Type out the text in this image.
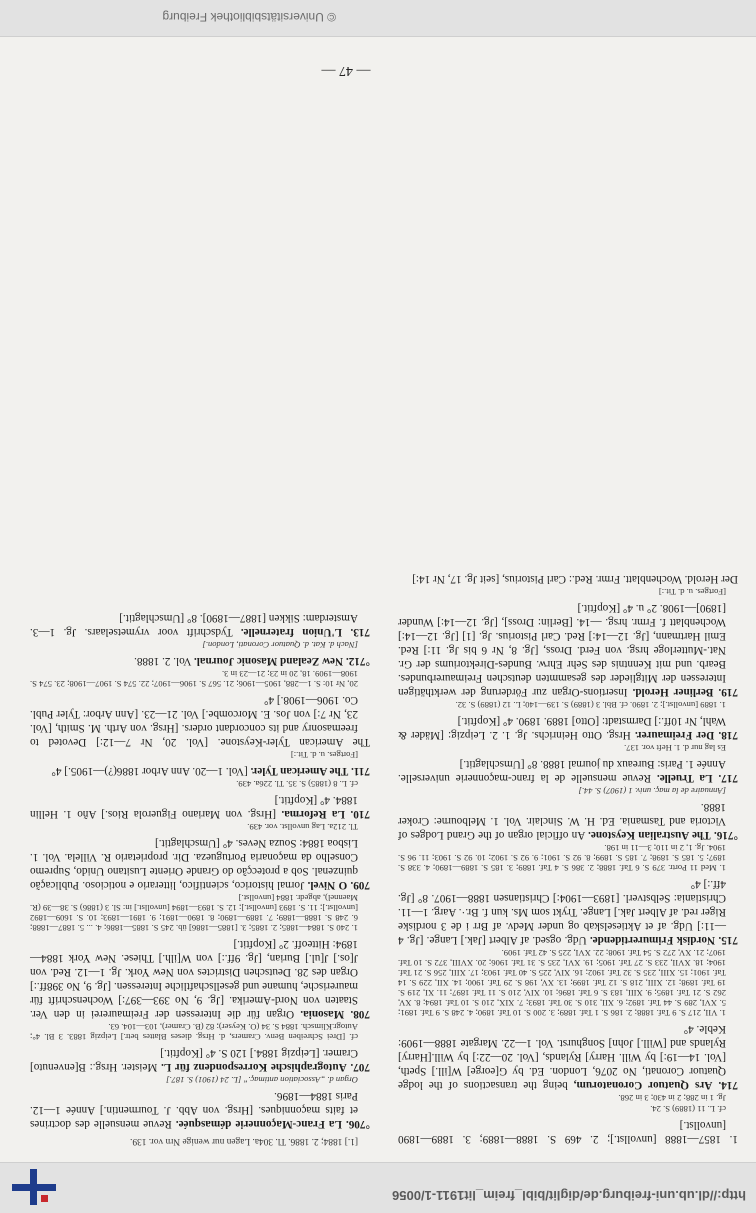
http://dl.ub.uni-freiburg.de/diglit/bibl_freim_lit1911-1/0056
— 47 —
1. 1857—1888 [unvollst.]; 2. 469 S. 1888—1889; 3. 1889—1890 [unvollst.]
cf. L. 11 (1889) S. 24.
Jg. 1 in 288; 2 in 430; 3 in 268.
714. Ars Quatuor Coronatorum, being the transactions of the lodge Quatuor Coronati, No 2076, London. Ed. by G[eorge] W[ill.] Speth, [Vol. 14—19:] by Will. Harry] Rylands, [Vol. 20—22:] by Will.[Harry] Rylands and [Will.] John] Songhurst. Vol. 1—22. Margate 1888—1909: Keble. 4°
1. VII, 217 S. 9 Taf. 1888; 2. 186 S. 1 Taf. 1889; 3. 200 S. 10 Taf. 1890; 4. 248 S. 9 Taf. 1891; 5. XVI, 289 S. 44 Taf. 1892; 6. XII, 310 S. 30 Taf. 1893; 7. XIX, 210 S. 10 Taf. 1894; 8. XV, 262 S. 21 Taf. 1895; 9. XIII, 183 S. 6 Taf. 1896; 10. XIV, 210 S. 11 Taf. 1897; 11. XI, 219 S. 19 Taf. 1898; 12. XIII, 218 S. 12 Taf. 1899; 13. XV, 198 S. 29 Taf. 1900; 14. XII, 229 S. 14 Taf. 1901; 15. XIII, 235 S. 32 Taf. 1902; 16. XIV, 225 S. 40 Taf. 1903; 17. XIII, 256 S. 21 Taf. 1904; 18. XVII, 233 S. 27 Taf. 1905; 19. XVI, 235 S. 31 Taf. 1906; 20. XVIII, 372 S. 10 Taf. 1907; 21. XV, 272 S. 54 Taf. 1908; 22. XVI, 225 S. 42 Taf. 1909.
715. Nordisk Frimurertidende. Udg. ogsed. af Albert [Jak.] Lange. [Jg. 4—11:] Udg. af et Aktieselskab og under Medv. af Brr i de 3 nordiske Riger red. af Albert Jak.] Lange. Trykt som Ms. kun f. Br.·. Aarg. 1—11. Christiania: Selbstverl. [1893—1904:] Christiansen 1888—1907. 8° [Jg. 4ff.:] 4°
1. Med 11 Portr. 379 S. 6 Taf. 1888; 2. 386 S. 4 Taf. 1889; 3. 185 S. 1889—1890; 4. 338 S. 1897; 5. 185 S. 1898; 7. 185 S. 1899; 8. 92 S. 1901; 9. 92 S. 1902; 10. 92 S. 1903; 11. 96 S. 1904. Jg. 1, 2 in 110; 3—11 in 198.
°716. The Australian Keystone. An official organ of the Grand Lodges of Victoria and Tasmania. Ed. H. W. Sinclair. Vol. 1. Melbourne: Croker 1888.
[Annuaire de la maç. univ. 1 (1907) S. 44.]
717. La Truelle. Revue mensuelle de la franc-maçonnerie universelle. Année 1. Paris: Bureaux du journal 1888. 8° [Umschlagtit.]
Es lag nur d. 1. Heft vor. 137.
718. Der Freimaurer. Hrsg. Otto Heinrichs. Jg. 1. 2. Leipzig: [Mäder & Wahl, Nr 10ff.:] Darmstadt: [Otto] 1889. 1890. 4° [Kopftit.]
1. 1889 [unvollst.]; 2. 1890. cf. Bbl. 3 (1889) S. 139—140; L. 12 (1889) S. 32.
719. Berliner Herold. Insertions-Organ zur Förderung der werkthätigen Interessen der Mitglieder des gesammten deutschen Freimaurerbundes. Bearb. und mit Kenntnis des Sehr Ehrw. Bundes-Direktoriums der Gr. Nat.-Mutterloge hrsg. von Ferd. Dross, [Jg. 8, Nr 6 bis Jg. 11:] Red. Emil Hartmann, [Jg. 12—14:] Red. Carl Pistorius. Jg. [1] [Jg. 12—14:] Wochenblatt f. Frmr. hrsg. —14. [Berlin: Dross], [Jg. 12—14:] Wunder [1890]—1908. 2° u. 4° [Kopftit.]
[Fortges. u. d. Tit.:]
Der Herold. Wochenblatt. Frmr. Red.: Carl Pistorius, [seit Jg. 17, Nr 14:]
[1.] 1884; 2. 1886. Tl. 304a. Lagen nur wenige Nrn vor. 139.
°706. La Franc-Maçonnerie démasquée. Revue mensuelle des doctrines et faits maçonniques. [Hrsg. von Abb. J. Tourmentin.] Année 1—12. Paris 1884—1896.
Organ d. „Association antimaç.“ [L. 24 (1901) S. 187.]
707. Autographische Korrespondenz für L. Meister. Hrsg.: B[envenuto] Cramer. [Leipzig 1884.] 120 S. 4° [Kopftit.]
cf. [Drei Schreiben Benv. Cramers, d. Hrsg. dieses Blattes betr.] Leipzig 1883. 3 Bl. 4°; Autogr.Klimsch. 1884 S. 34 (O. Keyser); 82 (B. Cramer), 103—104. 63.
708. Masonia. Organ für die Interessen der Freimaurerei in den Ver. Staaten von Nord-Amerika. [Jg. 9, No 393—397:] Wochenschrift für maurerische, humane und gesellschaftliche Interessen. [Jg. 9, No 398ff.:] Organ des 28. Deutschen Districtes von New York. Jg. 1—12. Red. von J[os.] J[ul.] Burian, [Jg. 9ff.:] von W[ilh.] Thiese. New York 1884—1894: Hitteoff. 2° [Kopftit.]
1. 240 S. 1884—1885; 2. 1885; 3. [1885—1886] üb. 245 S. 1885—1886; 4. ... 5. 1887—1888; 6. 248 S. 1888—1889; 7. 1889—1890; 8. 1890—1891; 9. 1891—1893; 10. S. 1609—1892 [unvollst.]; 11. S. 1893 [unvollst.]; 12. S. 1893—1894 [unvollst.] in: Sl. 3 (1886) S. 38—39 (R. Maennel), abgedr. 1884 [unvollst.]
709. O Nivel. Jornal historico, scientifico, litterario e noticioso. Publicação quinzenal. Sob a protecção do Grande Oriente Lusitano Unido, Supremo Conselho da maçonaria Portugueza. Dir. proprietario R. Villela. Vol. 1. Lisboa 1884: Souza Neves. 4° [Umschlagtit.]
Tl. 212a. Lag unvollst. vor. 439.
710. La Reforma. [Hrsg. von Mariano Figuerola Rios.] Año 1. Hellin 1884. 4° [Kopftit.]
cf. L. 8 (1885) S. 35. Tl. 226a. 439.
711. The American Tyler. [Vol. 1—20. Ann Arbor 1886(?)—1905.] 4°
[Fortges. u. d. Tit.:]
The American Tyler-Keystone. [Vol. 20, Nr 7—12:] Devoted to freemasonry and its concordant orders. [Hrsg. von Arth. M. Smith, [Vol. 23, Nr 7:] von Jos. E. Morcombe.] Vol. 21—23. [Ann Arbor: Tyler Publ. Co. 1906—1908.] 4°
20, Nr 10: S. 1—288, 1905—1906; 21. 567 S. 1906—1907; 22. 574 S. 1907—1908; 23. 574 S. 1908—1909. 18, 20 in 23; 21—23 in 3.
°712. New Zealand Masonic Journal. Vol. 2. 1888.
[Nach d. Kat. d. Quatuor Coronati, London.]
713. L'Union fraternelle. Tydschrift voor vrymetselaars. Jg. 1—3. Amsterdam: Sikken [1887—1890]. 8° [Umschlagtit.]
© Universitätsbibliothek Freiburg
